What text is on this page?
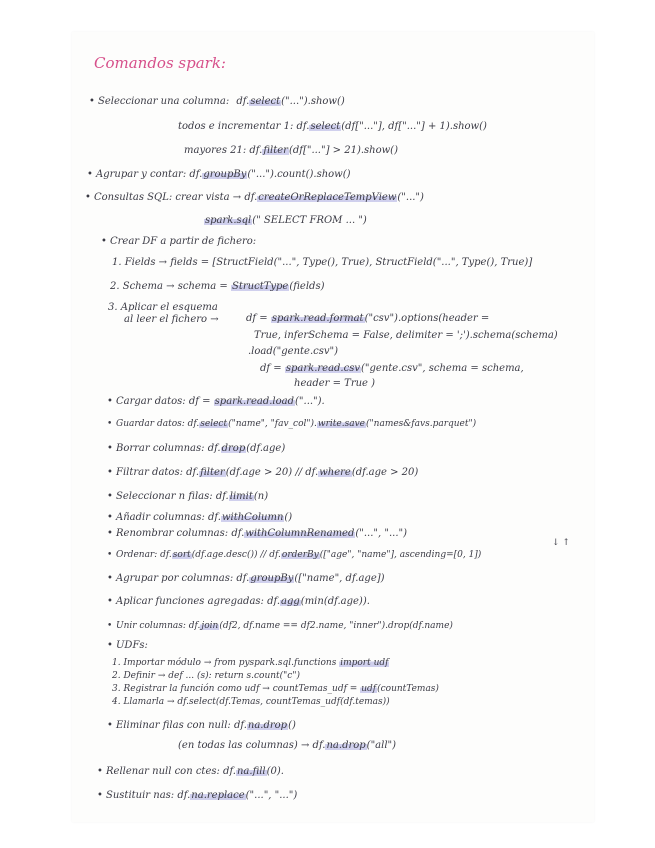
Comandos spark:
• Seleccionar una columna: df.select("...").show()
todos e incrementar 1: df.select(df["..."], df["..."] + 1).show()
mayores 21: df.filter(df["..."] > 21).show()
• Agrupar y contar: df.groupBy("...").count().show()
• Consultas SQL: crear vista → df.createOrReplaceTempView("...")
spark.sql(" SELECT FROM ... ")
• Crear DF a partir de fichero:
1. Fields → fields = [StructField("...", Type(), True), StructField("...", Type(), True)]
2. Schema → schema = StructType(fields)
3. Aplicar el esquema
al leer el fichero →	df = spark.read.format("csv").options(header =
True, inferSchema = False, delimiter = ';').schema(schema)
.load("gente.csv")
df = spark.read.csv("gente.csv", schema = schema,
header = True )
• Cargar datos: df = spark.read.load("...").
• Guardar datos: df.select("name", "fav_col").write.save("names&favs.parquet")
• Borrar columnas: df.drop(df.age)
• Filtrar datos: df.filter(df.age > 20) // df.where(df.age > 20)
• Seleccionar n filas: df.limit(n)
• Añadir columnas: df.withColumn()
• Renombrar columnas: df.withColumnRenamed("...", "...")
↓ ↑
• Ordenar: df.sort(df.age.desc()) // df.orderBy(["age", "name"], ascending=[0, 1])
• Agrupar por columnas: df.groupBy(["name", df.age])
• Aplicar funciones agregadas: df.agg(min(df.age)).
• Unir columnas: df.join(df2, df.name == df2.name, "inner").drop(df.name)
• UDFs:
1. Importar módulo → from pyspark.sql.functions import udf
2. Definir → def ... (s): return s.count("c")
3. Registrar la función como udf → countTemas_udf = udf(countTemas)
4. Llamarla → df.select(df.Temas, countTemas_udf(df.temas))
• Eliminar filas con null: df.na.drop()
(en todas las columnas) → df.na.drop("all")
• Rellenar null con ctes: df.na.fill(0).
• Sustituir nas: df.na.replace("...", "...")
